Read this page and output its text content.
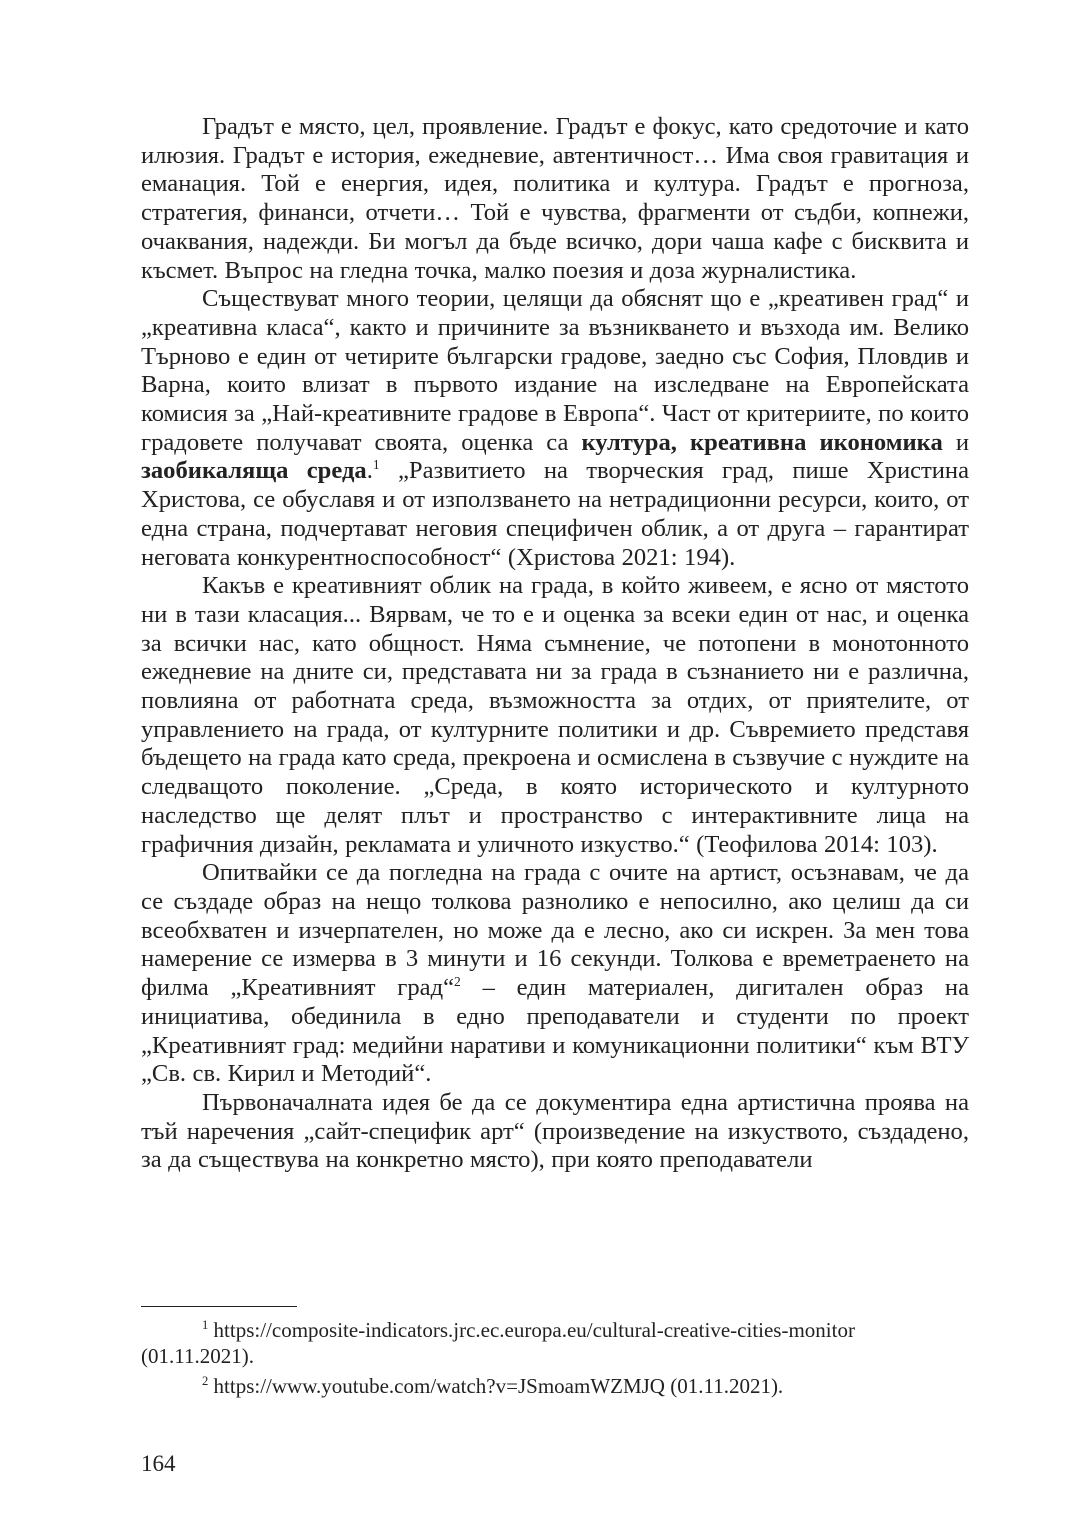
Градът е място, цел, проявление. Градът е фокус, като средоточие и като илюзия. Градът е история, ежедневие, автентичност… Има своя гравитация и еманация. Той е енергия, идея, политика и култура. Градът е прогноза, стратегия, финанси, отчети… Той е чувства, фрагменти от съдби, копнежи, очаквания, надежди. Би могъл да бъде всичко, дори чаша кафе с бисквита и късмет. Въпрос на гледна точка, малко поезия и доза журналистика.

Съществуват много теории, целящи да обяснят що е „креативен град“ и „креативна класа“, както и причините за възникването и възхода им. Велико Търново е един от четирите български градове, заедно със София, Пловдив и Варна, които влизат в първото издание на изследване на Европейската комисия за „Най-креативните градове в Европа“. Част от критериите, по които градовете получават своята, оценка са култура, креативна икономика и заобикаляща среда.$^1$ „Развитието на творческия град, пише Христина Христова, се обуславя и от използването на нетрадиционни ресурси, които, от една страна, подчертават неговия специфичен облик, а от друга – гарантират неговата конкурентноспособност“ (Христова 2021: 194).

Какъв е креативният облик на града, в който живеем, е ясно от мястото ни в тази класация... Вярвам, че то е и оценка за всеки един от нас, и оценка за всички нас, като общност. Няма съмнение, че потопени в монотонното ежедневие на дните си, представата ни за града в съзнанието ни е различна, повлияна от работната среда, възможността за отдих, от приятелите, от управлението на града, от културните политики и др. Съвремието представя бъдещето на града като среда, прекроена и осмислена в съзвучие с нуждите на следващото поколение. „Среда, в която историческото и културното наследство ще делят плът и пространство с интерактивните лица на графичния дизайн, рекламата и уличното изкуство.“ (Теофилова 2014: 103).

Опитвайки се да погледна на града с очите на артист, осъзнавам, че да се създаде образ на нещо толкова разнолико е непосилно, ако целиш да си всеобхватен и изчерпателен, но може да е лесно, ако си искрен. За мен това намерение се измерва в 3 минути и 16 секунди. Толкова е времетраенето на филма „Креативният град“$^2$ – един материален, дигитален образ на инициатива, обединила в едно преподаватели и студенти по проект „Креативният град: медийни наративи и комуникационни политики“ към ВТУ „Св. св. Кирил и Методий“.

Първоначалната идея бе да се документира една артистична проява на тъй наречения „сайт-специфик арт“ (произведение на изкуството, създадено, за да съществува на конкретно място), при която преподаватели

$^1$ https://composite-indicators.jrc.ec.europa.eu/cultural-creative-cities-monitor (01.11.2021).

$^2$ https://www.youtube.com/watch?v=JSmoamWZMJQ (01.11.2021).

164
